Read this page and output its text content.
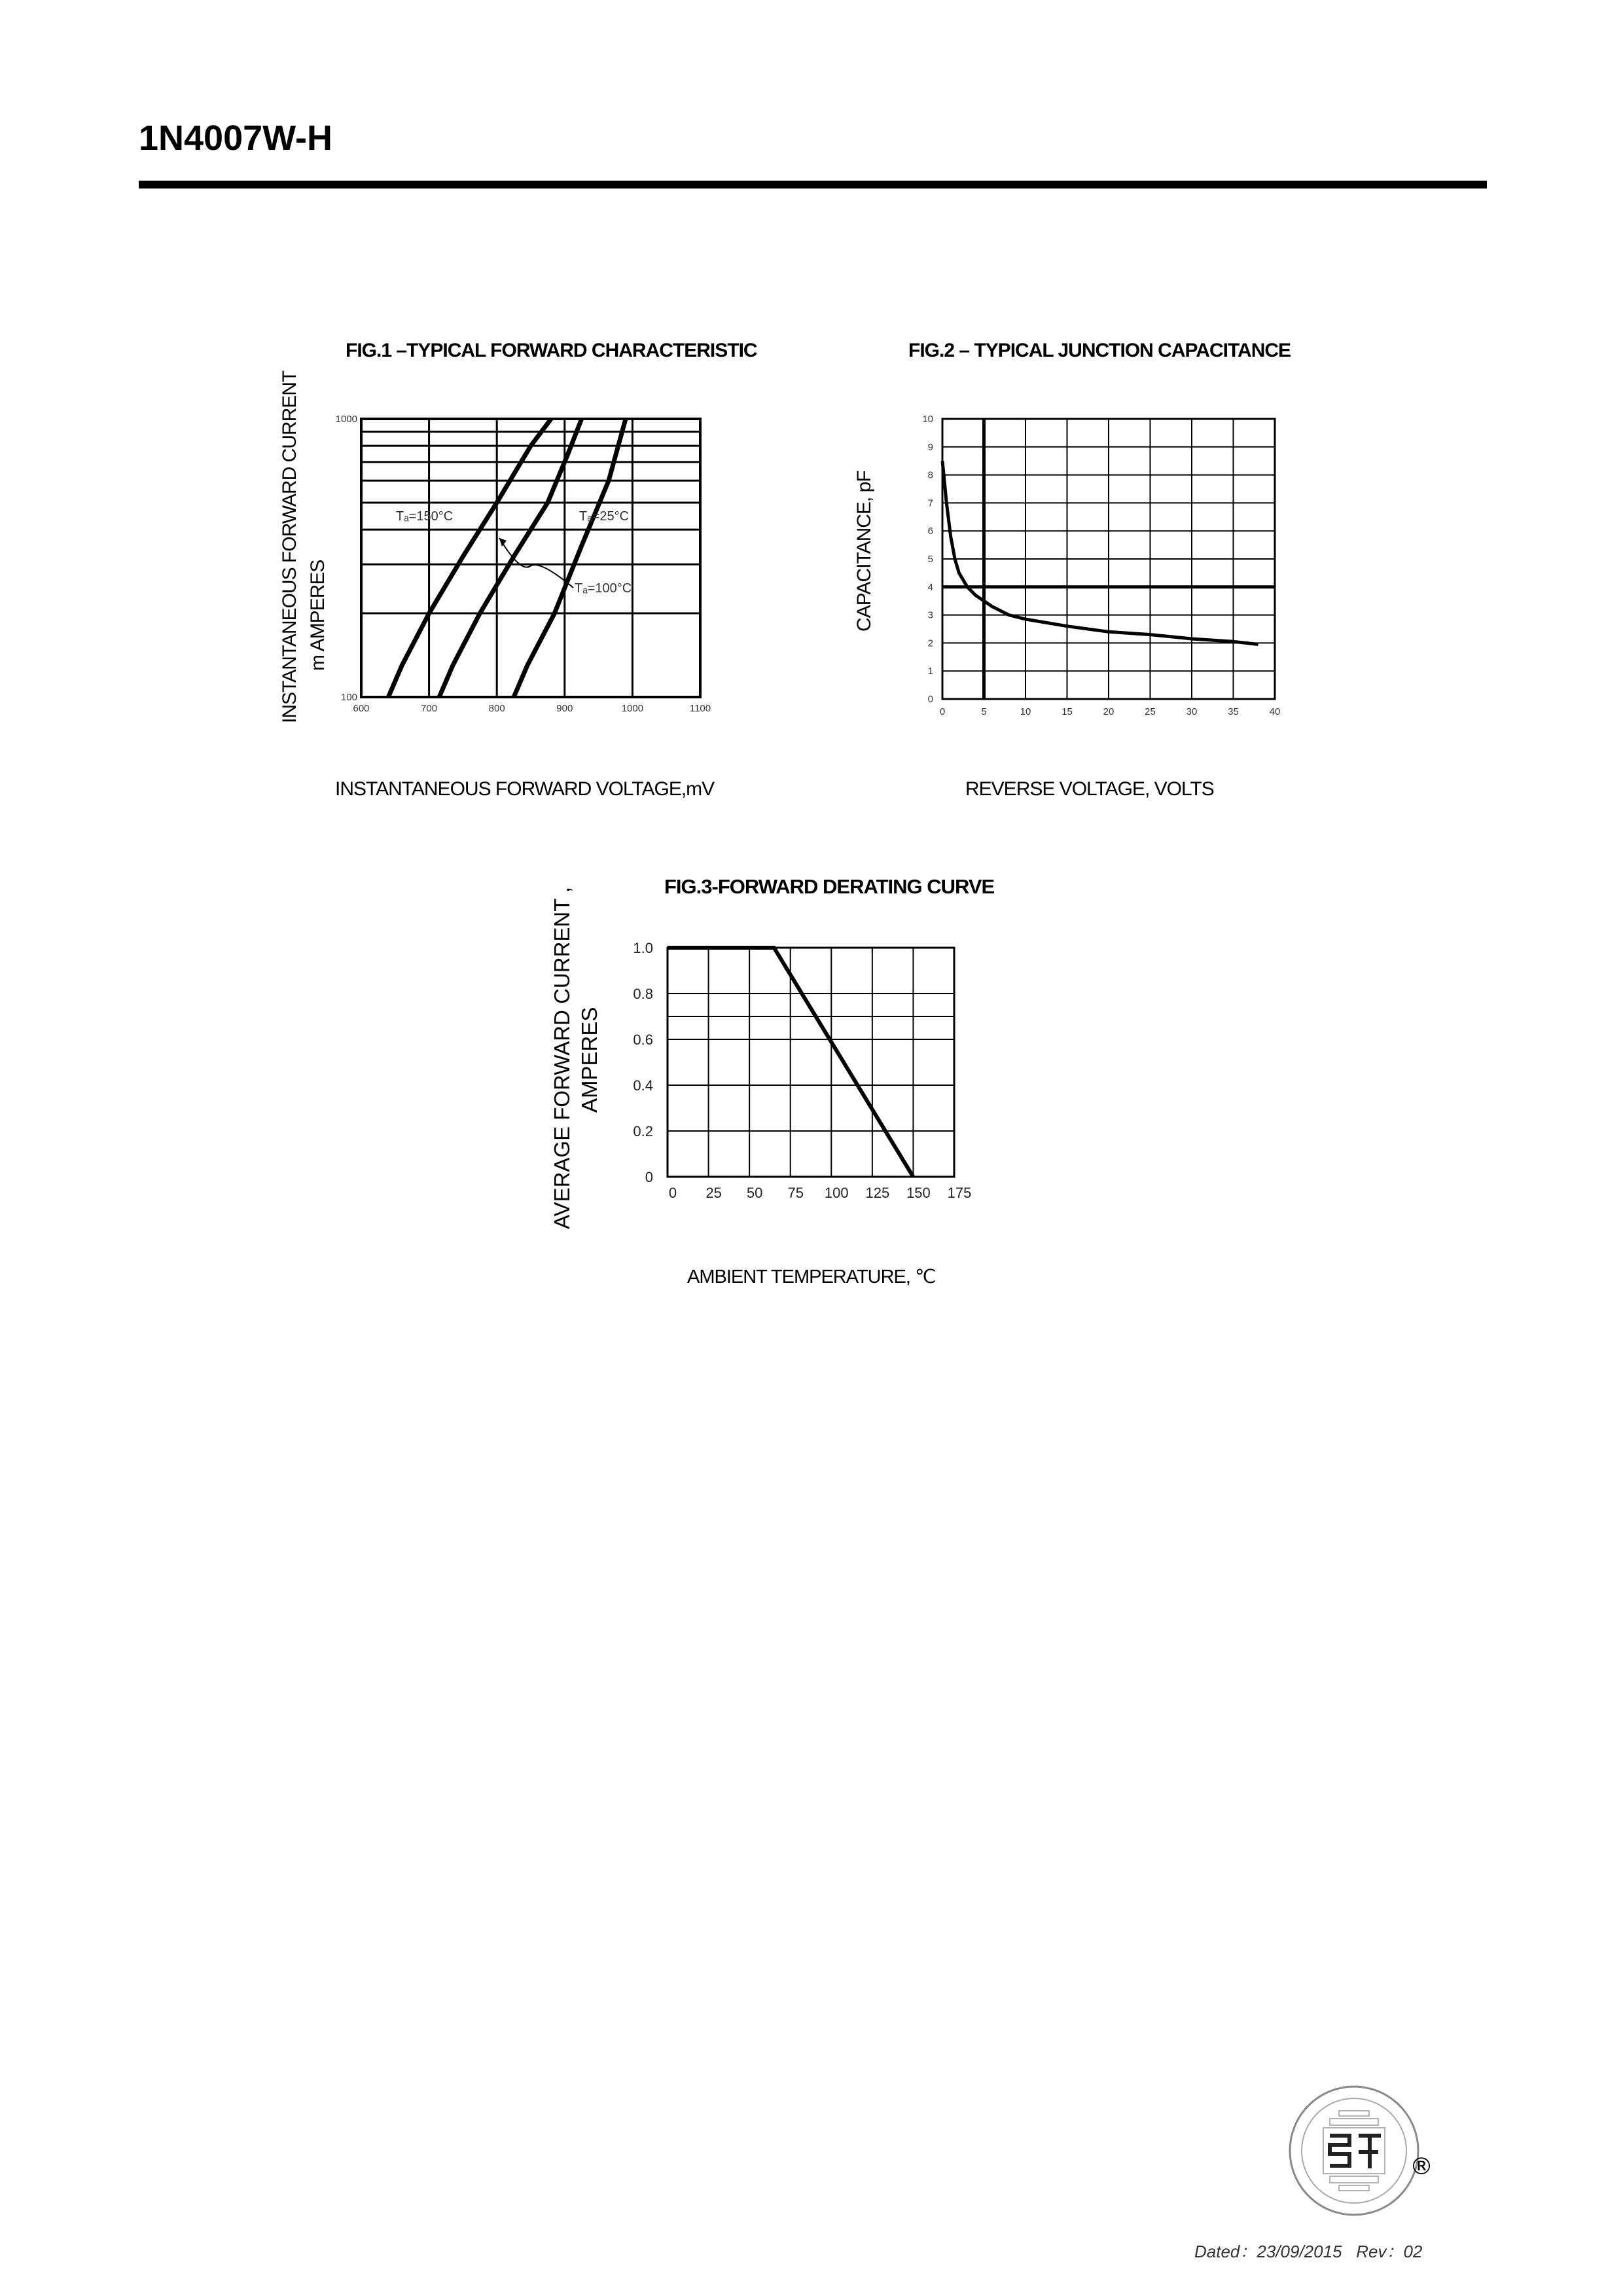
1N4007W-H
FIG.1 –TYPICAL FORWARD CHARACTERISTIC
INSTANTANEOUS FORWARD VOLTAGE,mV
INSTANTANEOUS FORWARD CURRENT m AMPERES
600	700	800	900	1000	1100
100
1000
Tₐ=150°C	Tₐ=25°C
Tₐ=100°C
FIG.2 – TYPICAL JUNCTION CAPACITANCE
REVERSE VOLTAGE, VOLTS
CAPACITANCE, pF
0	5	10	15	20	25	30	35	40
0
1
2
3
4
5
6
7
8
9
10
FIG.3-FORWARD DERATING CURVE
AMBIENT TEMPERATURE, ℃
AVERAGE FORWARD CURRENT , AMPERES
0 25 50 75 100 125 150 175
0
0.2
0.4
0.6
0.8
1.0
®
Dated：23/09/2015 Rev：02
